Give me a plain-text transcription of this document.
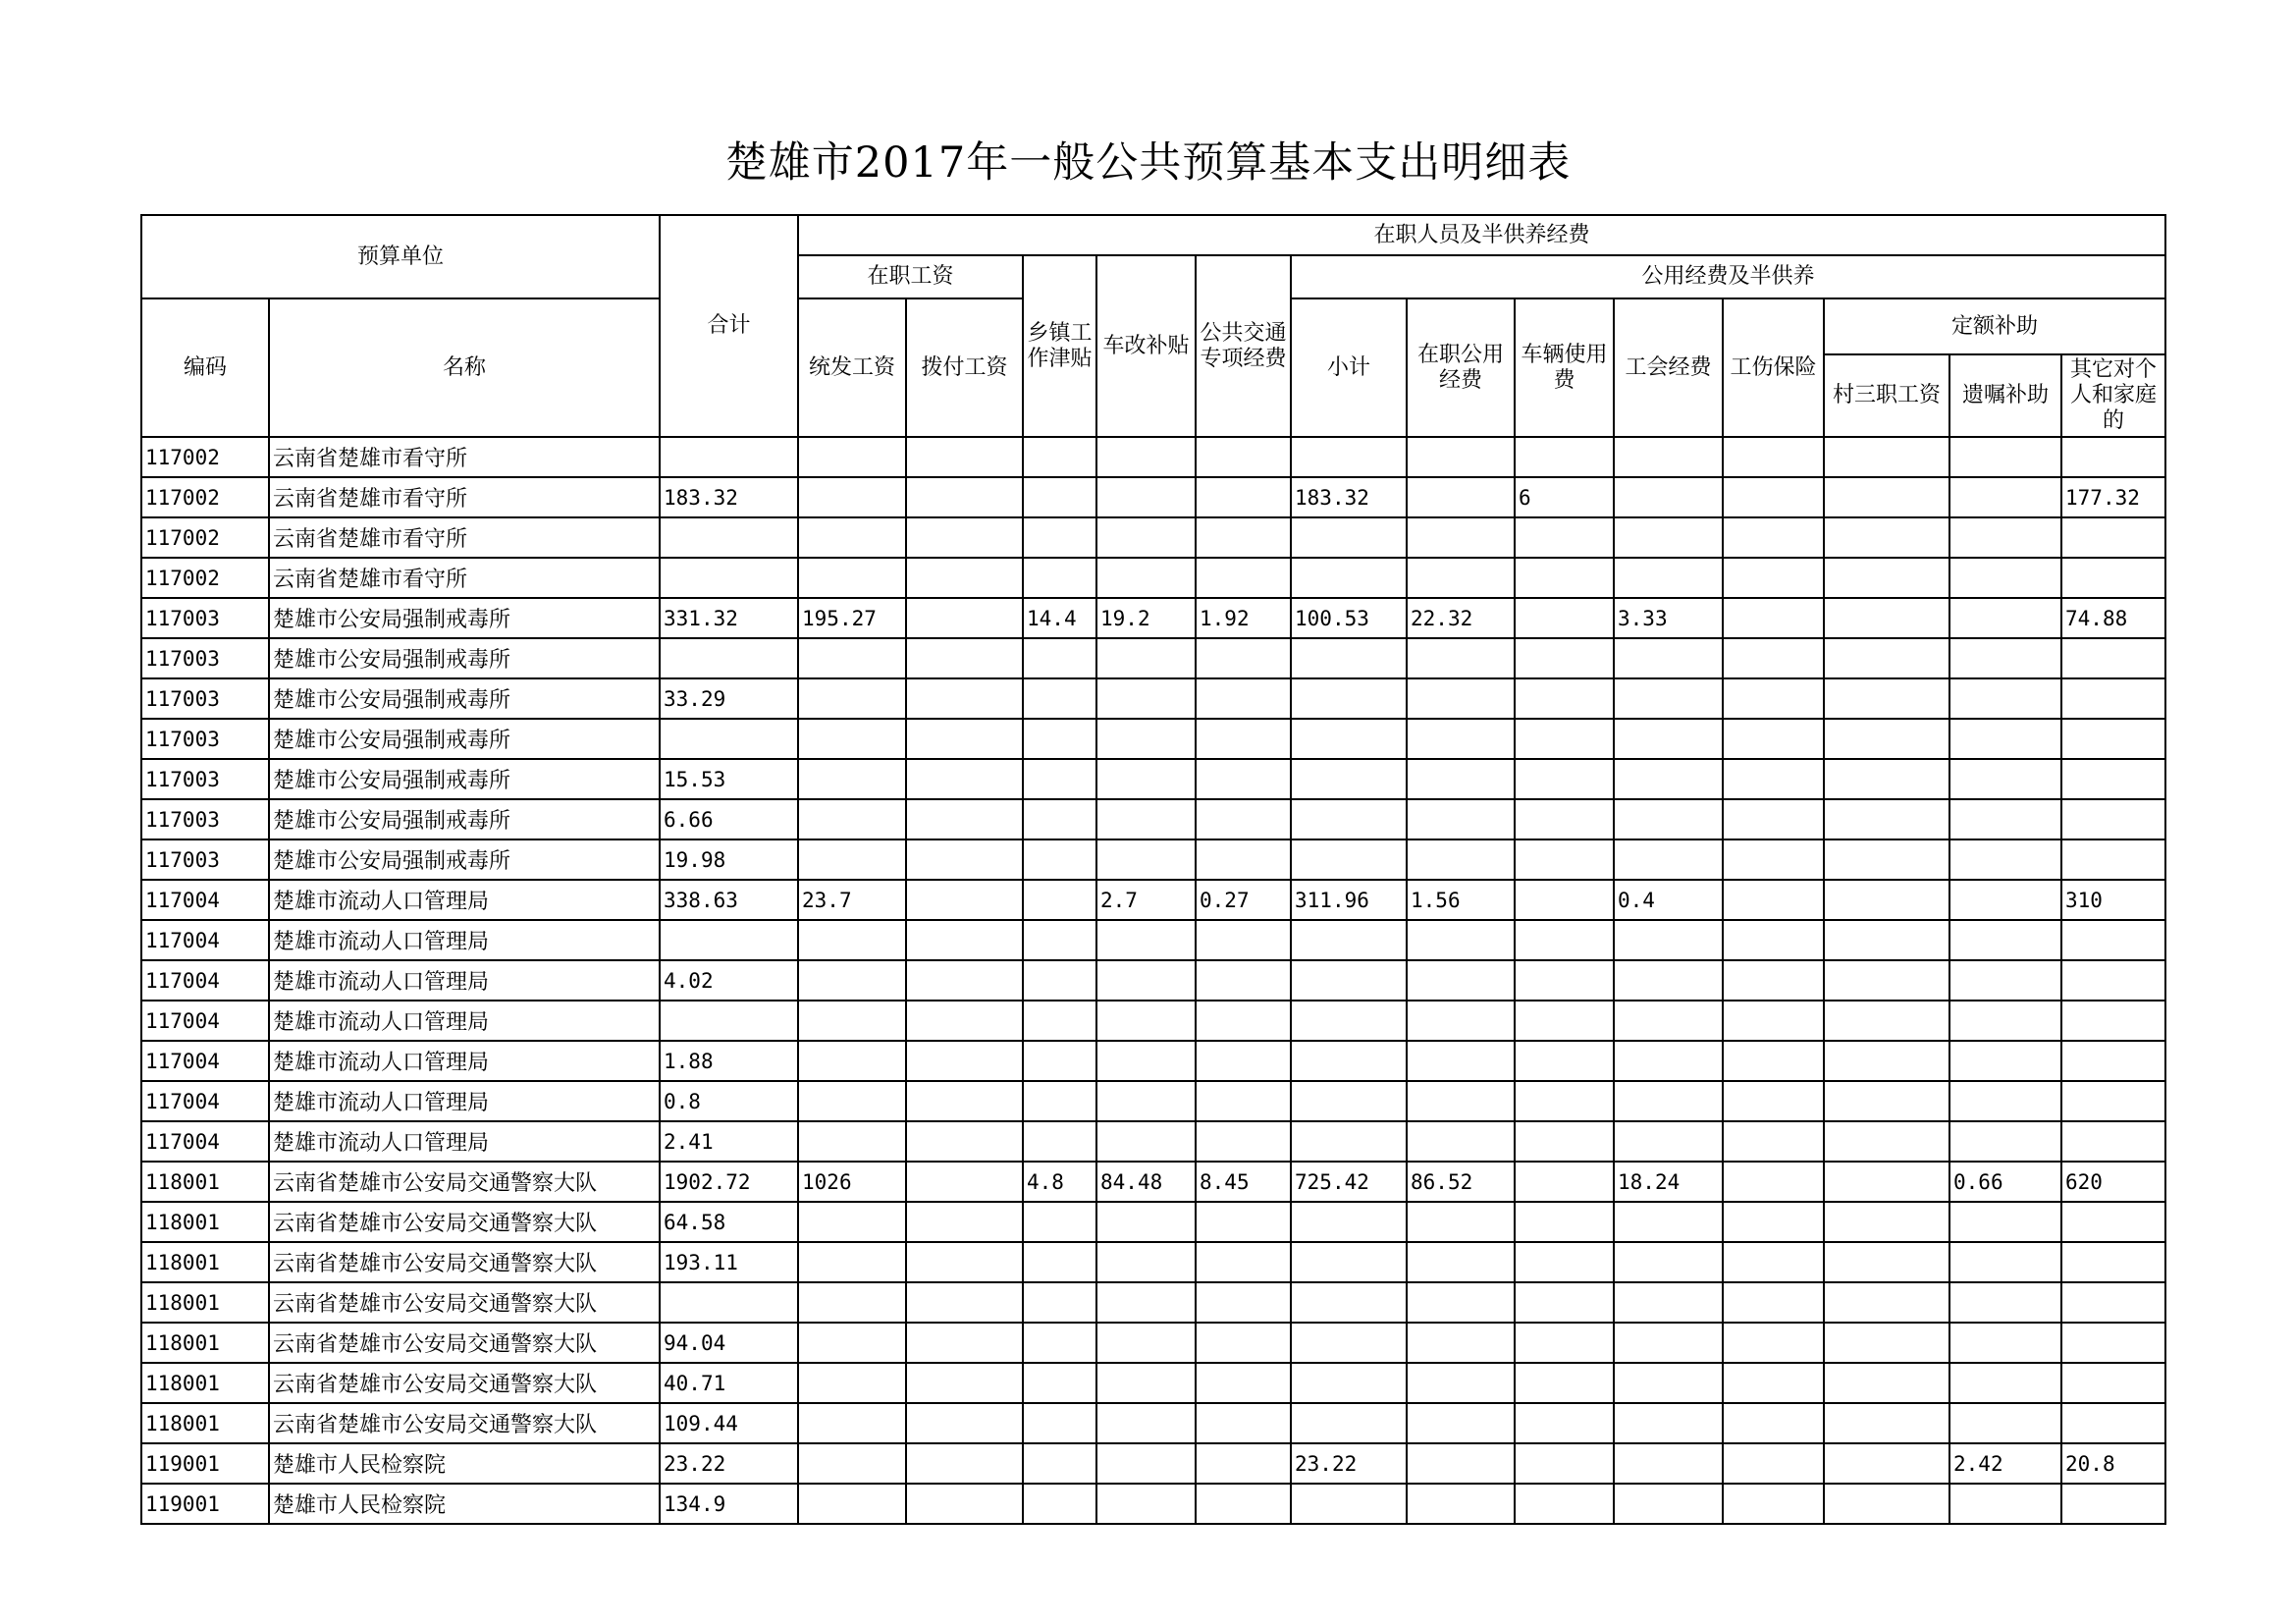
楚雄市2017年一般公共预算基本支出明细表
预算单位		合计	在职人员及半供养经费												
			在职工资		乡镇工作津贴	车改补贴	公共交通专项经费	公用经费及半供养							
编码	名称		统发工资	拨付工资				小计	在职公用经费	车辆使用费	工会经费	工伤保险	定额补助		
													村三职工资	遗嘱补助	其它对个人和家庭的
117002	云南省楚雄市看守所														
117002	云南省楚雄市看守所	183.32						183.32		6					177.32
117002	云南省楚雄市看守所														
117002	云南省楚雄市看守所														
117003	楚雄市公安局强制戒毒所	331.32	195.27		14.4	19.2	1.92	100.53	22.32		3.33				74.88
117003	楚雄市公安局强制戒毒所														
117003	楚雄市公安局强制戒毒所	33.29													
117003	楚雄市公安局强制戒毒所														
117003	楚雄市公安局强制戒毒所	15.53													
117003	楚雄市公安局强制戒毒所	6.66													
117003	楚雄市公安局强制戒毒所	19.98													
117004	楚雄市流动人口管理局	338.63	23.7			2.7	0.27	311.96	1.56		0.4				310
117004	楚雄市流动人口管理局														
117004	楚雄市流动人口管理局	4.02													
117004	楚雄市流动人口管理局														
117004	楚雄市流动人口管理局	1.88													
117004	楚雄市流动人口管理局	0.8													
117004	楚雄市流动人口管理局	2.41													
118001	云南省楚雄市公安局交通警察大队	1902.72	1026		4.8	84.48	8.45	725.42	86.52		18.24			0.66	620
118001	云南省楚雄市公安局交通警察大队	64.58													
118001	云南省楚雄市公安局交通警察大队	193.11													
118001	云南省楚雄市公安局交通警察大队														
118001	云南省楚雄市公安局交通警察大队	94.04													
118001	云南省楚雄市公安局交通警察大队	40.71													
118001	云南省楚雄市公安局交通警察大队	109.44													
119001	楚雄市人民检察院	23.22						23.22						2.42	20.8
119001	楚雄市人民检察院	134.9													
